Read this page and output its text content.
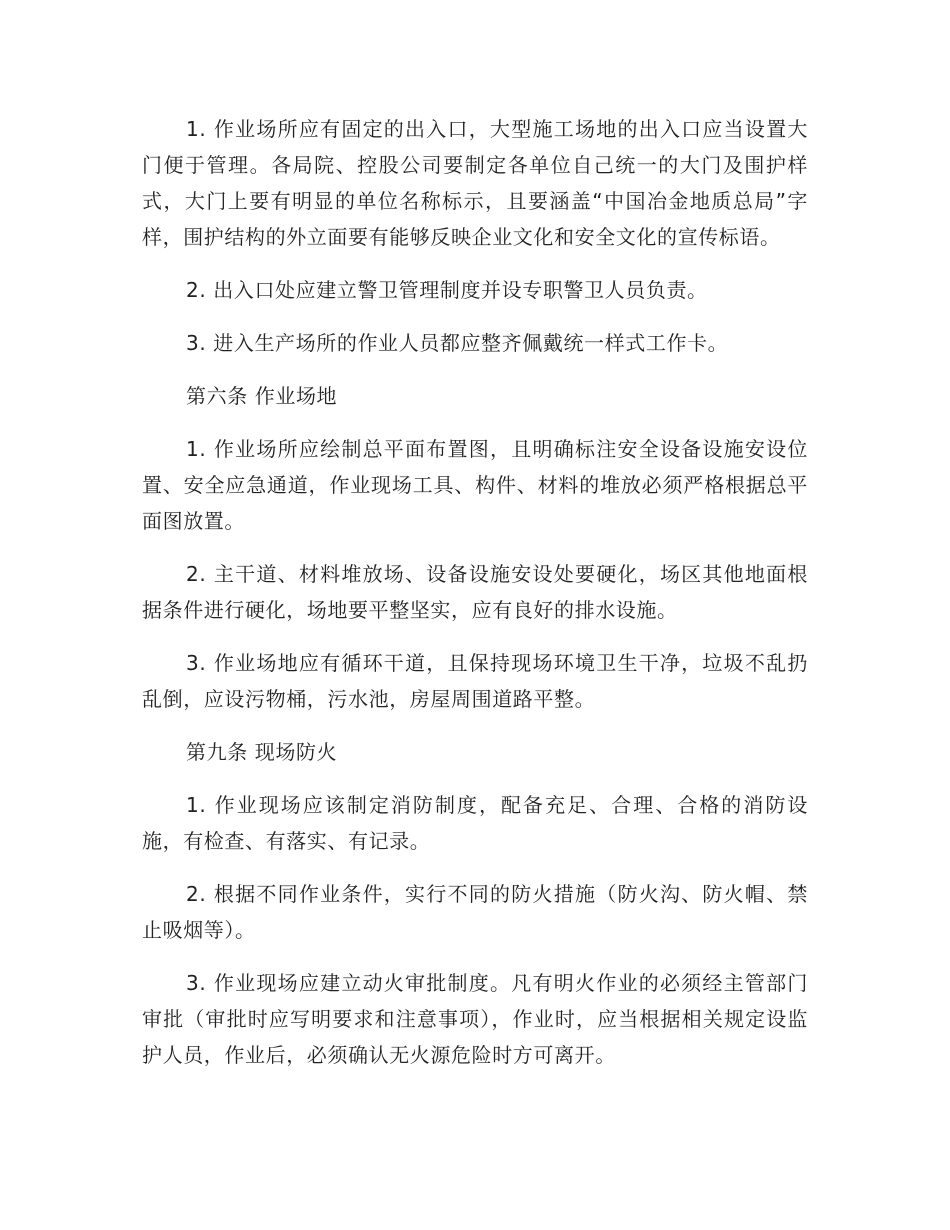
1. 作业场所应有固定的出入口，大型施工场地的出入口应当设置大门便于管理。各局院、控股公司要制定各单位自己统一的大门及围护样式，大门上要有明显的单位名称标示，且要涵盖“中国冶金地质总局”字样，围护结构的外立面要有能够反映企业文化和安全文化的宣传标语。

2. 出入口处应建立警卫管理制度并设专职警卫人员负责。

3. 进入生产场所的作业人员都应整齐佩戴统一样式工作卡。

第六条 作业场地

1. 作业场所应绘制总平面布置图，且明确标注安全设备设施安设位置、安全应急通道，作业现场工具、构件、材料的堆放必须严格根据总平面图放置。

2. 主干道、材料堆放场、设备设施安设处要硬化，场区其他地面根据条件进行硬化，场地要平整坚实，应有良好的排水设施。

3. 作业场地应有循环干道，且保持现场环境卫生干净，垃圾不乱扔乱倒，应设污物桶，污水池，房屋周围道路平整。

第九条 现场防火

1. 作业现场应该制定消防制度，配备充足、合理、合格的消防设施，有检查、有落实、有记录。

2. 根据不同作业条件，实行不同的防火措施（防火沟、防火帽、禁止吸烟等）。

3. 作业现场应建立动火审批制度。凡有明火作业的必须经主管部门审批（审批时应写明要求和注意事项），作业时，应当根据相关规定设监护人员，作业后，必须确认无火源危险时方可离开。
